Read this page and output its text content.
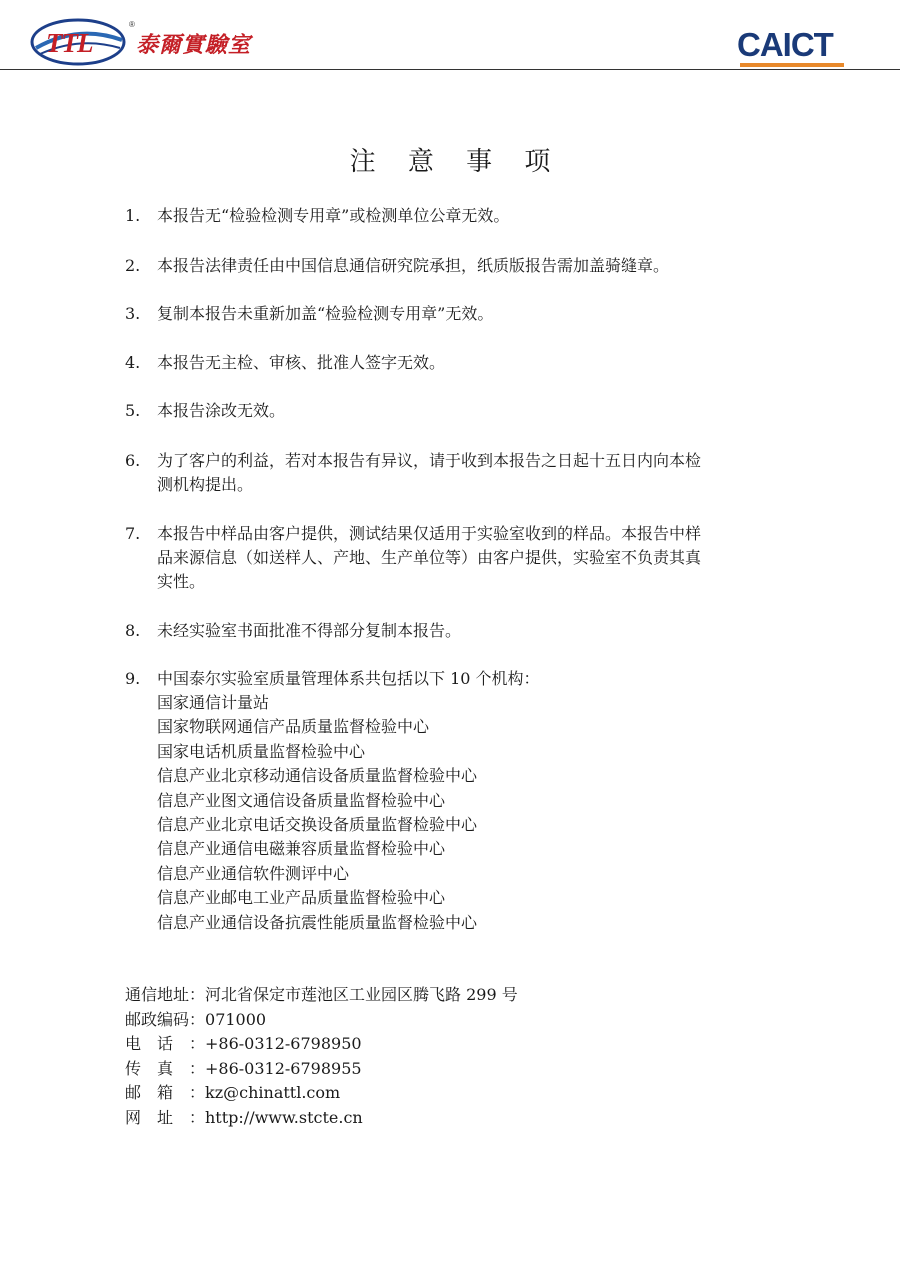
TTL
®
泰爾實驗室	CAICT
注 意 事 项
1.	本报告无“检验检测专用章”或检测单位公章无效。
2.	本报告法律责任由中国信息通信研究院承担，纸质版报告需加盖骑缝章。
3.	复制本报告未重新加盖“检验检测专用章”无效。
4.	本报告无主检、审核、批准人签字无效。
5.	本报告涂改无效。
6.	为了客户的利益，若对本报告有异议，请于收到本报告之日起十五日内向本检
测机构提出。
7.	本报告中样品由客户提供，测试结果仅适用于实验室收到的样品。本报告中样
品来源信息（如送样人、产地、生产单位等）由客户提供，实验室不负责其真
实性。
8.	未经实验室书面批准不得部分复制本报告。
9.	中国泰尔实验室质量管理体系共包括以下 10 个机构：
国家通信计量站
国家物联网通信产品质量监督检验中心
国家电话机质量监督检验中心
信息产业北京移动通信设备质量监督检验中心
信息产业图文通信设备质量监督检验中心
信息产业北京电话交换设备质量监督检验中心
信息产业通信电磁兼容质量监督检验中心
信息产业通信软件测评中心
信息产业邮电工业产品质量监督检验中心
信息产业通信设备抗震性能质量监督检验中心
通信地址：河北省保定市莲池区工业园区腾飞路 299 号
邮政编码：071000
电话：+86-0312-6798950
传真：+86-0312-6798955
邮箱：kz@chinattl.com
网址：http://www.stcte.cn
